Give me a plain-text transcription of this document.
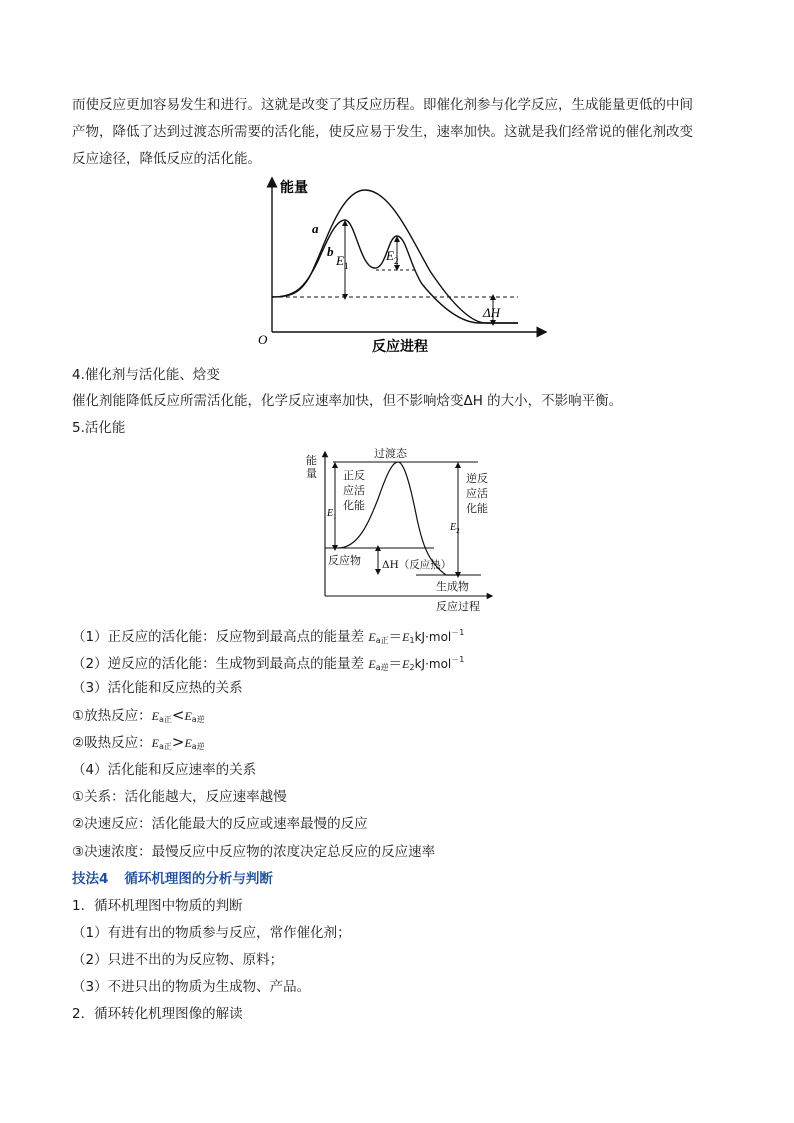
而使反应更加容易发生和进行。这就是改变了其反应历程。即催化剂参与化学反应，生成能量更低的中间
产物，降低了达到过渡态所需要的活化能，使反应易于发生，速率加快。这就是我们经常说的催化剂改变
反应途径，降低反应的活化能。
能量
反应进程
O
a
b
$E_1$
$E_2$
ΔH
4.催化剂与活化能、焓变
催化剂能降低反应所需活化能，化学反应速率加快，但不影响焓变ΔH 的大小，不影响平衡。
5.活化能
能
量
过渡态
正反
应活
化能
逆反
应活
化能
反应物 ΔH（反应热）
生成物
反应过程
$E_1$
$E_2$
（1）正反应的活化能：反应物到最高点的能量差 $E_{a正}=E_1kJ\cdot mol^{-1}$
（2）逆反应的活化能：生成物到最高点的能量差 $E_{a逆}=E_2kJ\cdot mol^{-1}$
（3）活化能和反应热的关系
①放热反应：$E_{a正}<E_{a逆}$
②吸热反应：$E_{a正}>E_{a逆}$
（4）活化能和反应速率的关系
①关系：活化能越大，反应速率越慢
②决速反应：活化能最大的反应或速率最慢的反应
③决速浓度：最慢反应中反应物的浓度决定总反应的反应速率
技法4 循环机理图的分析与判断
1．循环机理图中物质的判断
（1）有进有出的物质参与反应，常作催化剂；
（2）只进不出的为反应物、原料；
（3）不进只出的物质为生成物、产品。
2．循环转化机理图像的解读
